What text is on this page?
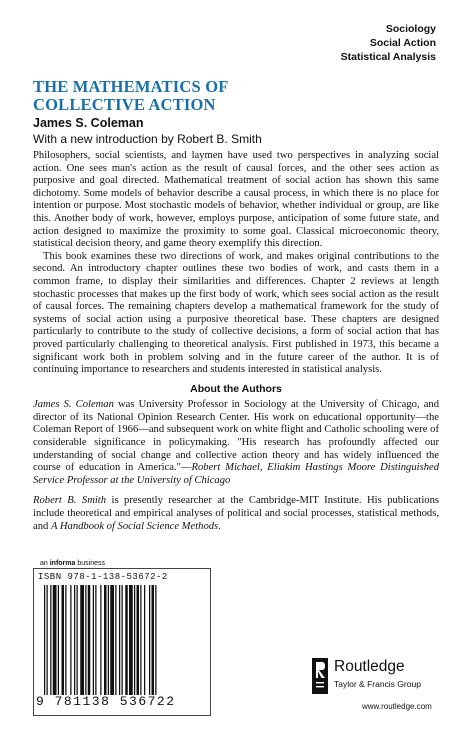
Sociology
Social Action
Statistical Analysis
THE MATHEMATICS OF
COLLECTIVE ACTION
James S. Coleman
With a new introduction by Robert B. Smith

Philosophers, social scientists, and laymen have used two perspectives in analyzing social action. One sees man's action as the result of causal forces, and the other sees action as purposive and goal directed. Mathematical treatment of social action has shown this same dichotomy. Some models of behavior describe a causal process, in which there is no place for intention or purpose. Most stochastic models of behavior, whether individual or group, are like this. Another body of work, however, employs purpose, anticipation of some future state, and action designed to maximize the proximity to some goal. Classical microeconomic theory, statistical decision theory, and game theory exemplify this direction.

This book examines these two directions of work, and makes original contributions to the second. An introductory chapter outlines these two bodies of work, and casts them in a common frame, to display their similarities and differences. Chapter 2 reviews at length stochastic processes that makes up the first body of work, which sees social action as the result of causal forces. The remaining chapters develop a mathematical framework for the study of systems of social action using a purposive theoretical base. These chapters are designed particularly to contribute to the study of collective decisions, a form of social action that has proved particularly challenging to theoretical analysis. First published in 1973, this became a significant work both in problem solving and in the future career of the author. It is of continuing importance to researchers and students interested in statistical analysis.

About the Authors

James S. Coleman was University Professor in Sociology at the University of Chicago, and director of its National Opinion Research Center. His work on educational opportunity—the Coleman Report of 1966—and subsequent work on white flight and Catholic schooling were of considerable significance in policymaking. "His research has profoundly affected our understanding of social change and collective action theory and has widely influenced the course of education in America."—Robert Michael, Eliakim Hastings Moore Distinguished Service Professor at the University of Chicago

Robert B. Smith is presently researcher at the Cambridge-MIT Institute. His publications include theoretical and empirical analyses of political and social processes, statistical methods, and A Handbook of Social Science Methods.

an informa business
ISBN 978-1-138-53672-2
9 781138 536722
Routledge
Taylor & Francis Group
www.routledge.com
